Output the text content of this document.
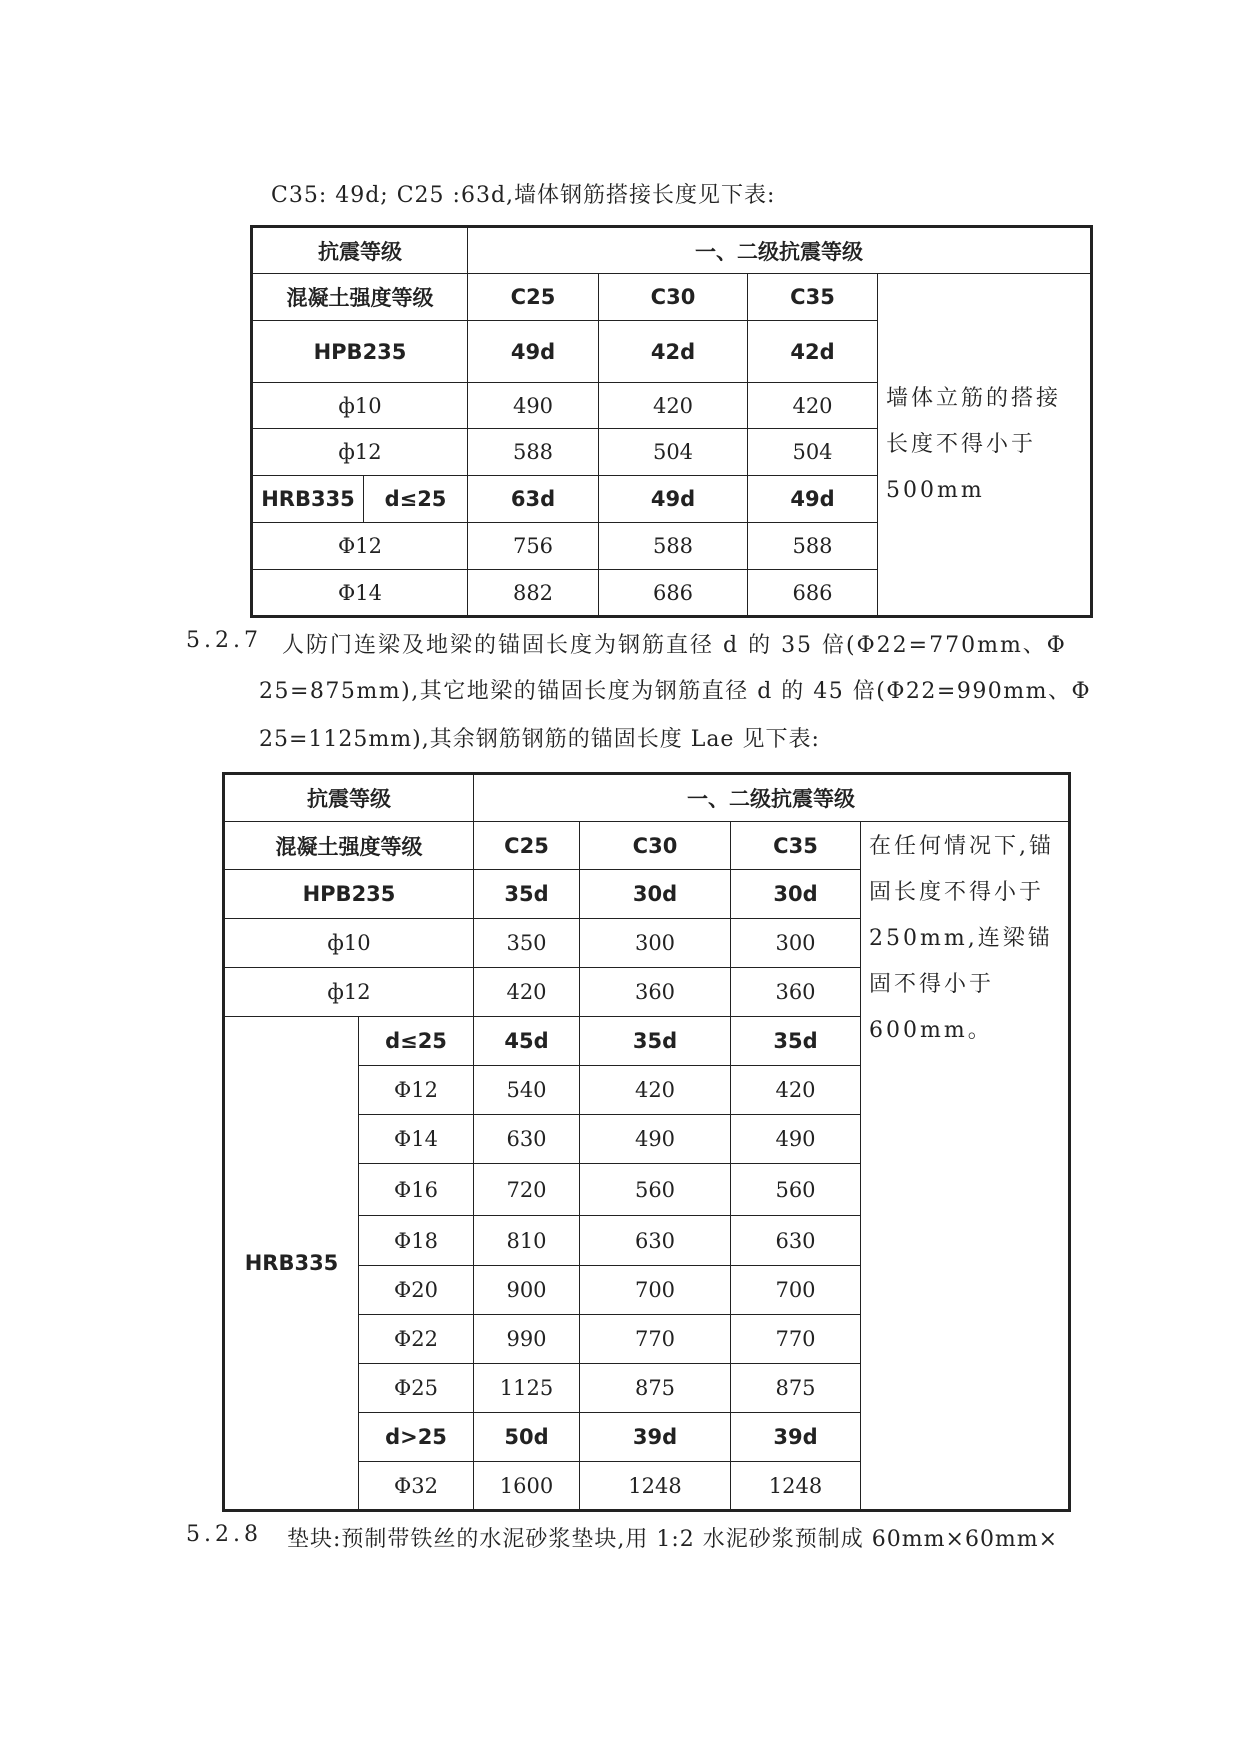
C35: 49d; C25 :63d,墙体钢筋搭接长度见下表:
抗震等级		一、二级抗震等级			
混凝土强度等级		C25	C30	C35	墙体立筋的搭接长度不得小于500mm

HPB235		49d	42d	42d	
ф10		490	420	420	
ф12		588	504	504	
HRB335	d≤25	63d	49d	49d	
Φ12		756	588	588	
Φ14		882	686	686	
5.2.7 人防门连梁及地梁的锚固长度为钢筋直径 d 的 35 倍(Φ22=770mm、Φ
25=875mm),其它地梁的锚固长度为钢筋直径 d 的 45 倍(Φ22=990mm、Φ
25=1125mm),其余钢筋钢筋的锚固长度 Lae 见下表:
抗震等级		一、二级抗震等级			
混凝土强度等级		C25	C30	C35	在任何情况下,锚固长度不得小于250mm,连梁锚固不得小于600mm。

HPB235		35d	30d	30d	
ф10		350	300	300	
ф12		420	360	360	
HRB335	d≤25	45d	35d	35d	
	Φ12	540	420	420	
	Φ14	630	490	490	
	Φ16	720	560	560	
	Φ18	810	630	630	
	Φ20	900	700	700	
	Φ22	990	770	770	
	Φ25	1125	875	875	
	d>25	50d	39d	39d	
	Φ32	1600	1248	1248	
5.2.8 垫块:预制带铁丝的水泥砂浆垫块,用 1:2 水泥砂浆预制成 60mm×60mm×
